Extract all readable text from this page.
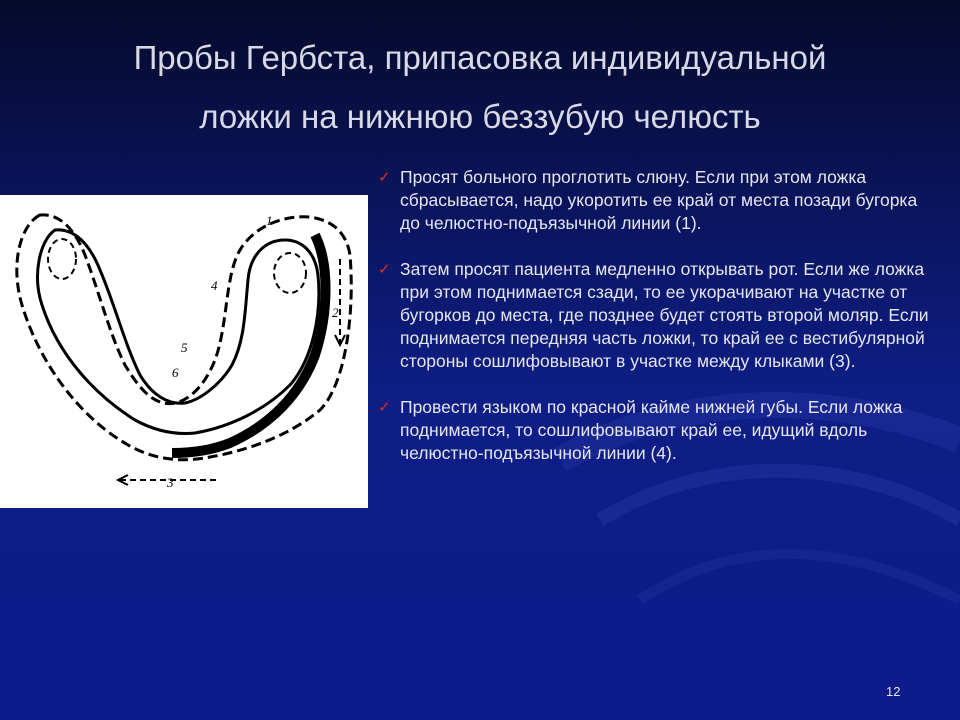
Пробы Гербста, припасовка индивидуальной
ложки на нижнюю беззубую челюсть
1
2
3
4
5
6
✓ Просят больного проглотить слюну. Если при этом ложка сбрасывается, надо укоротить ее край от места позади бугорка до челюстно-подъязычной линии (1).
✓ Затем просят пациента медленно открывать рот. Если же ложка при этом поднимается сзади, то ее укорачивают на участке от бугорков до места, где позднее будет стоять второй моляр. Если поднимается передняя часть ложки, то край ее с вестибулярной стороны сошлифовывают в участке между клыками (3).
✓ Провести языком по красной кайме нижней губы. Если ложка поднимается, то сошлифовывают край ее, идущий вдоль челюстно-подъязычной линии (4).
12
